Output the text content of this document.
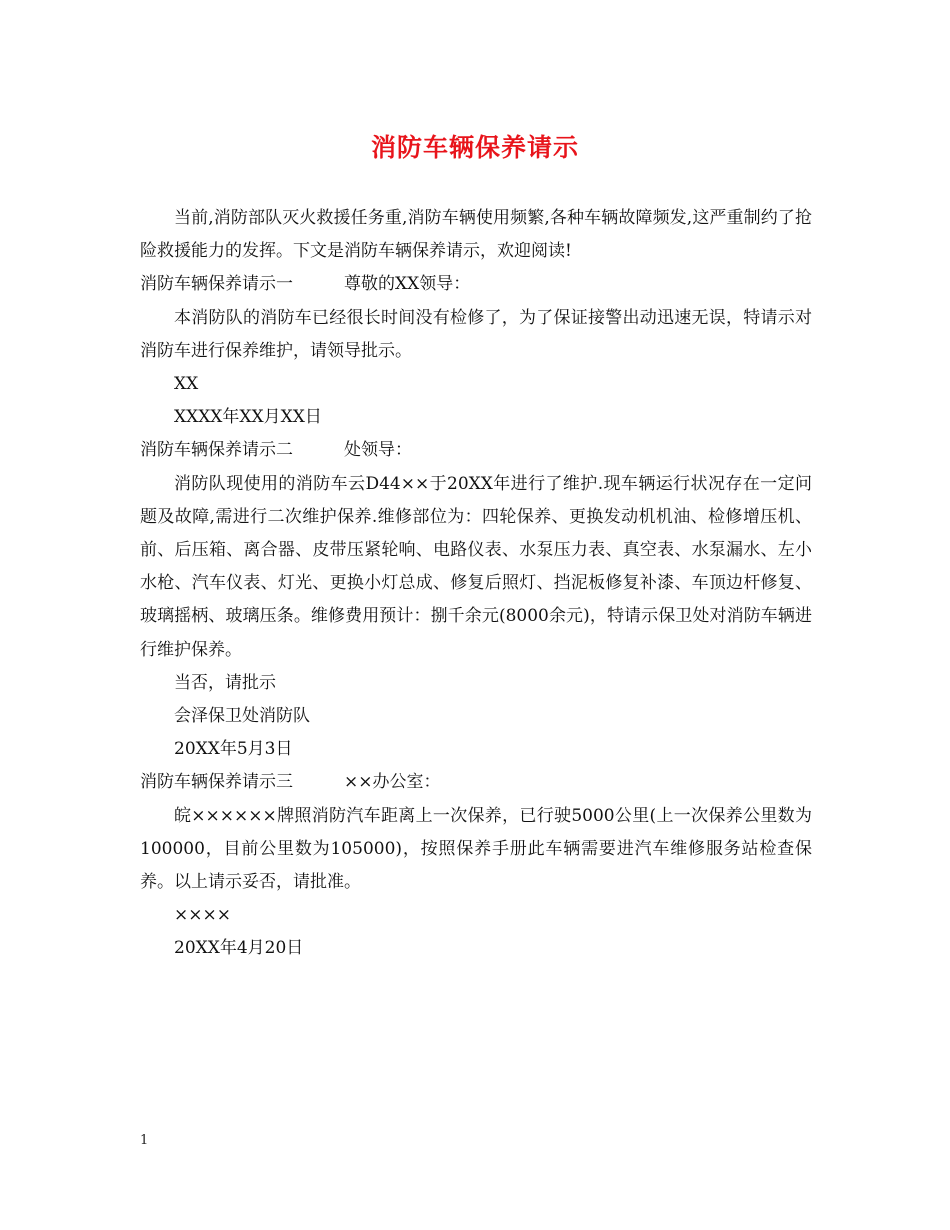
消防车辆保养请示

当前,消防部队灭火救援任务重,消防车辆使用频繁,各种车辆故障频发,这严重制约了抢险救援能力的发挥。下文是消防车辆保养请示，欢迎阅读!

消防车辆保养请示一	尊敬的XX领导：

本消防队的消防车已经很长时间没有检修了，为了保证接警出动迅速无误，特请示对消防车进行保养维护，请领导批示。

XX

XXXX年XX月XX日

消防车辆保养请示二	处领导：

消防队现使用的消防车云D44××于20XX年进行了维护.现车辆运行状况存在一定问题及故障,需进行二次维护保养.维修部位为：四轮保养、更换发动机机油、检修增压机、前、后压箱、离合器、皮带压紧轮响、电路仪表、水泵压力表、真空表、水泵漏水、左小水枪、汽车仪表、灯光、更换小灯总成、修复后照灯、挡泥板修复补漆、车顶边杆修复、玻璃摇柄、玻璃压条。维修费用预计：捌千余元(8000余元)，特请示保卫处对消防车辆进行维护保养。

当否，请批示

会泽保卫处消防队

20XX年5月3日

消防车辆保养请示三	××办公室：

皖××××××牌照消防汽车距离上一次保养，已行驶5000公里(上一次保养公里数为100000，目前公里数为105000)，按照保养手册此车辆需要进汽车维修服务站检查保养。以上请示妥否，请批准。

××××

20XX年4月20日

1
